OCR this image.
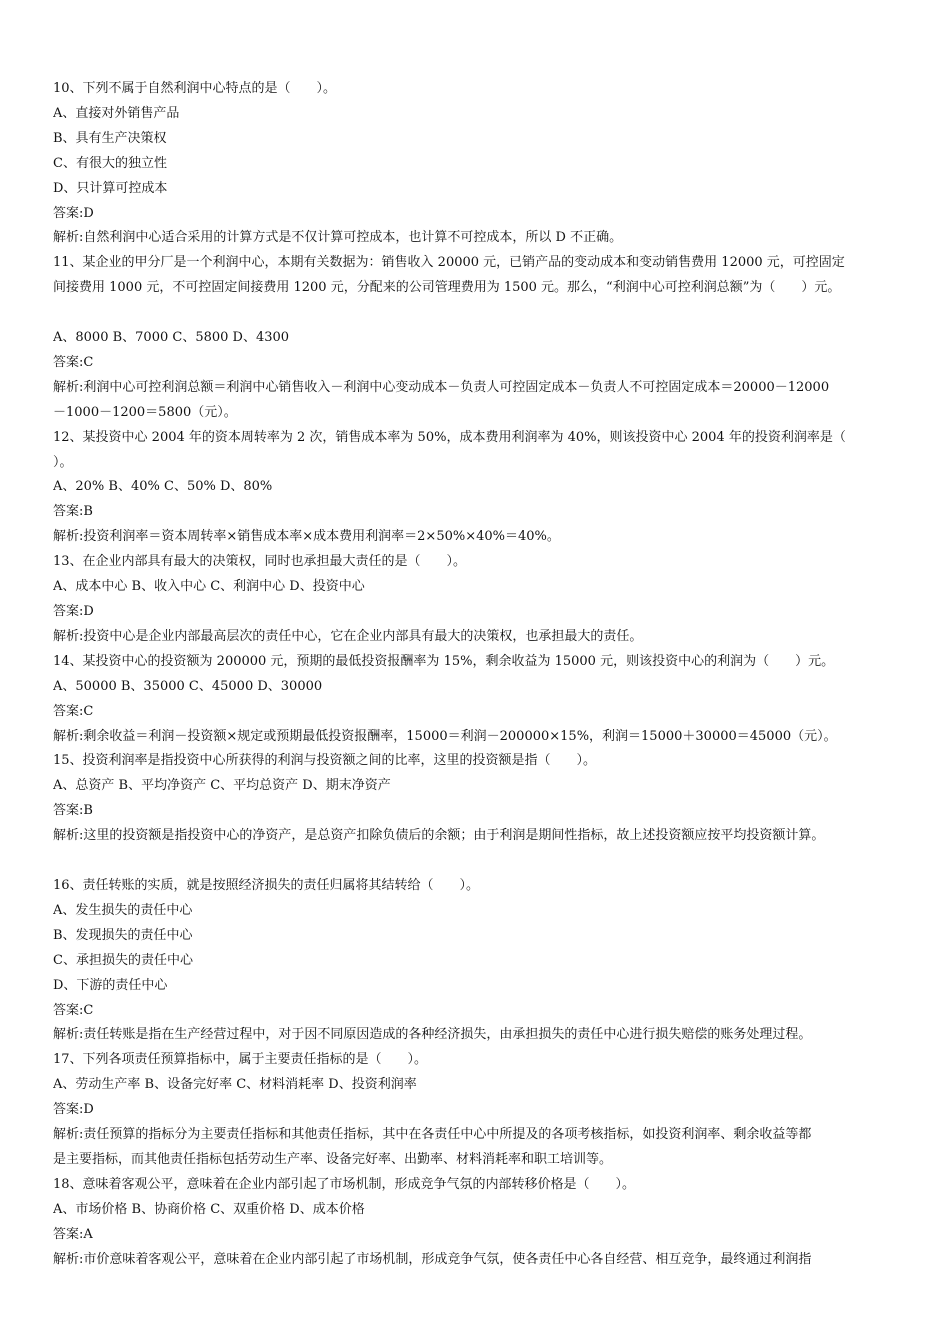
10、下列不属于自然利润中心特点的是（　　）。
A、直接对外销售产品
B、具有生产决策权
C、有很大的独立性
D、只计算可控成本
答案:D
解析:自然利润中心适合采用的计算方式是不仅计算可控成本，也计算不可控成本，所以 D 不正确。
11、某企业的甲分厂是一个利润中心，本期有关数据为：销售收入 20000 元，已销产品的变动成本和变动销售费用 12000 元，可控固定
间接费用 1000 元，不可控固定间接费用 1200 元，分配来的公司管理费用为 1500 元。那么，“利润中心可控利润总额”为（　　）元。
A、8000 B、7000 C、5800 D、4300
答案:C
解析:利润中心可控利润总额＝利润中心销售收入－利润中心变动成本－负责人可控固定成本－负责人不可控固定成本＝20000－12000
－1000－1200＝5800（元）。
12、某投资中心 2004 年的资本周转率为 2 次，销售成本率为 50%，成本费用利润率为 40%，则该投资中心 2004 年的投资利润率是（
）。
A、20% B、40% C、50% D、80%
答案:B
解析:投资利润率＝资本周转率×销售成本率×成本费用利润率＝2×50%×40%＝40%。
13、在企业内部具有最大的决策权，同时也承担最大责任的是（　　）。
A、成本中心 B、收入中心 C、利润中心 D、投资中心
答案:D
解析:投资中心是企业内部最高层次的责任中心，它在企业内部具有最大的决策权，也承担最大的责任。
14、某投资中心的投资额为 200000 元，预期的最低投资报酬率为 15%，剩余收益为 15000 元，则该投资中心的利润为（　　）元。
A、50000 B、35000 C、45000 D、30000
答案:C
解析:剩余收益＝利润－投资额×规定或预期最低投资报酬率，15000＝利润－200000×15%，利润＝15000＋30000＝45000（元）。
15、投资利润率是指投资中心所获得的利润与投资额之间的比率，这里的投资额是指（　　）。
A、总资产 B、平均净资产 C、平均总资产 D、期末净资产
答案:B
解析:这里的投资额是指投资中心的净资产，是总资产扣除负债后的余额；由于利润是期间性指标，故上述投资额应按平均投资额计算。
16、责任转账的实质，就是按照经济损失的责任归属将其结转给（　　）。
A、发生损失的责任中心
B、发现损失的责任中心
C、承担损失的责任中心
D、下游的责任中心
答案:C
解析:责任转账是指在生产经营过程中，对于因不同原因造成的各种经济损失，由承担损失的责任中心进行损失赔偿的账务处理过程。
17、下列各项责任预算指标中，属于主要责任指标的是（　　）。
A、劳动生产率 B、设备完好率 C、材料消耗率 D、投资利润率
答案:D
解析:责任预算的指标分为主要责任指标和其他责任指标，其中在各责任中心中所提及的各项考核指标，如投资利润率、剩余收益等都
是主要指标，而其他责任指标包括劳动生产率、设备完好率、出勤率、材料消耗率和职工培训等。
18、意味着客观公平，意味着在企业内部引起了市场机制，形成竞争气氛的内部转移价格是（　　）。
A、市场价格 B、协商价格 C、双重价格 D、成本价格
答案:A
解析:市价意味着客观公平，意味着在企业内部引起了市场机制，形成竞争气氛，使各责任中心各自经营、相互竞争，最终通过利润指
